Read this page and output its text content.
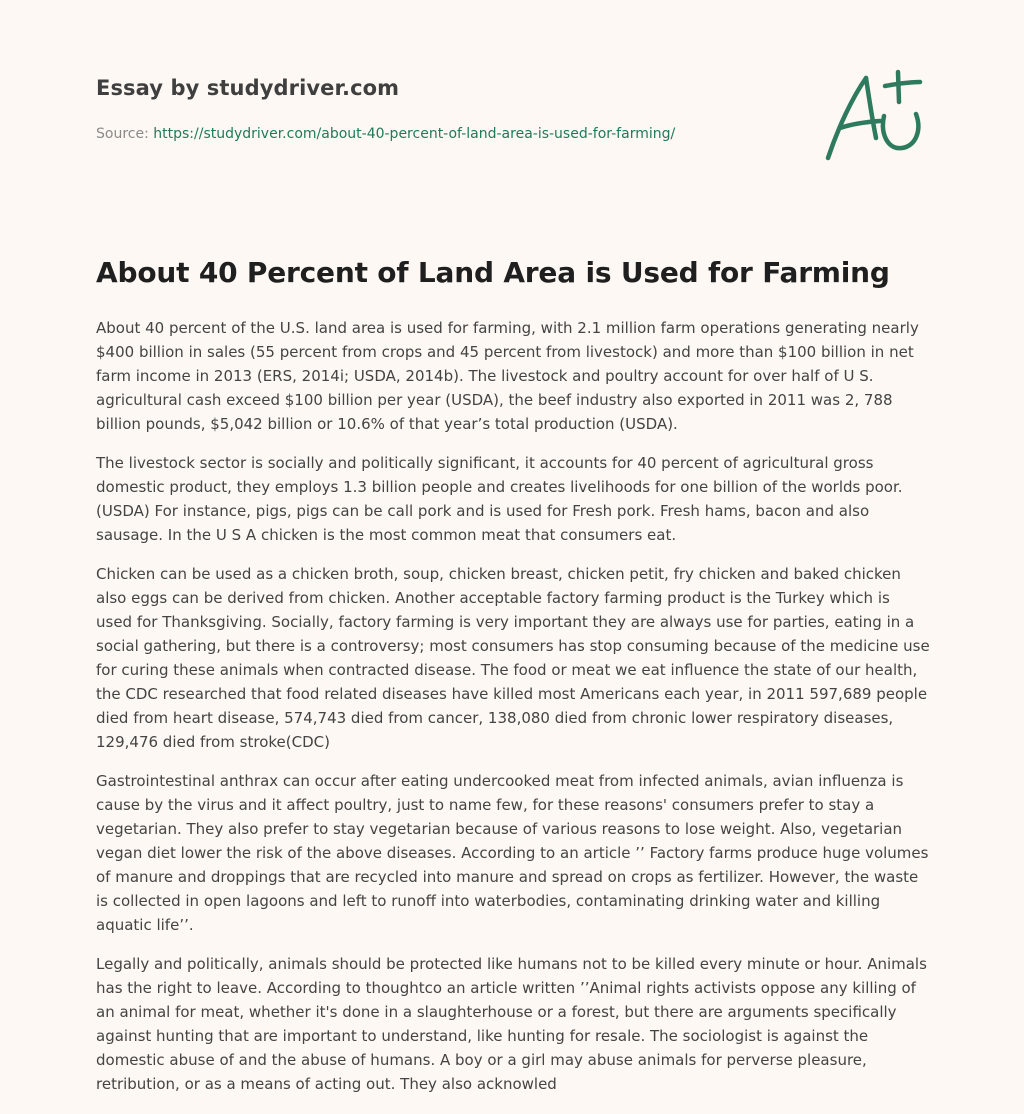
Essay by studydriver.com
Source: https://studydriver.com/about-40-percent-of-land-area-is-used-for-farming/
About 40 Percent of Land Area is Used for Farming

About 40 percent of the U.S. land area is used for farming, with 2.1 million farm operations generating nearly $400 billion in sales (55 percent from crops and 45 percent from livestock) and more than $100 billion in net farm income in 2013 (ERS, 2014i; USDA, 2014b). The livestock and poultry account for over half of U S. agricultural cash exceed $100 billion per year (USDA), the beef industry also exported in 2011 was 2, 788 billion pounds, $5,042 billion or 10.6% of that year’s total production (USDA).

The livestock sector is socially and politically significant, it accounts for 40 percent of agricultural gross domestic product, they employs 1.3 billion people and creates livelihoods for one billion of the worlds poor.(USDA) For instance, pigs, pigs can be call pork and is used for Fresh pork. Fresh hams, bacon and also sausage. In the U S A chicken is the most common meat that consumers eat.

Chicken can be used as a chicken broth, soup, chicken breast, chicken petit, fry chicken and baked chicken also eggs can be derived from chicken. Another acceptable factory farming product is the Turkey which is used for Thanksgiving. Socially, factory farming is very important they are always use for parties, eating in a social gathering, but there is a controversy; most consumers has stop consuming because of the medicine use for curing these animals when contracted disease. The food or meat we eat influence the state of our health, the CDC researched that food related diseases have killed most Americans each year, in 2011 597,689 people died from heart disease, 574,743 died from cancer, 138,080 died from chronic lower respiratory diseases, 129,476 died from stroke(CDC)

Gastrointestinal anthrax can occur after eating undercooked meat from infected animals, avian influenza is cause by the virus and it affect poultry, just to name few, for these reasons' consumers prefer to stay a vegetarian. They also prefer to stay vegetarian because of various reasons to lose weight. Also, vegetarian vegan diet lower the risk of the above diseases. According to an article ’’ Factory farms produce huge volumes of manure and droppings that are recycled into manure and spread on crops as fertilizer. However, the waste is collected in open lagoons and left to runoff into waterbodies, contaminating drinking water and killing aquatic life’’.

Legally and politically, animals should be protected like humans not to be killed every minute or hour. Animals has the right to leave. According to thoughtco an article written ’’Animal rights activists oppose any killing of an animal for meat, whether it's done in a slaughterhouse or a forest, but there are arguments specifically against hunting that are important to understand, like hunting for resale. The sociologist is against the domestic abuse of and the abuse of humans. A boy or a girl may abuse animals for perverse pleasure, retribution, or as a means of acting out. They also acknowled
